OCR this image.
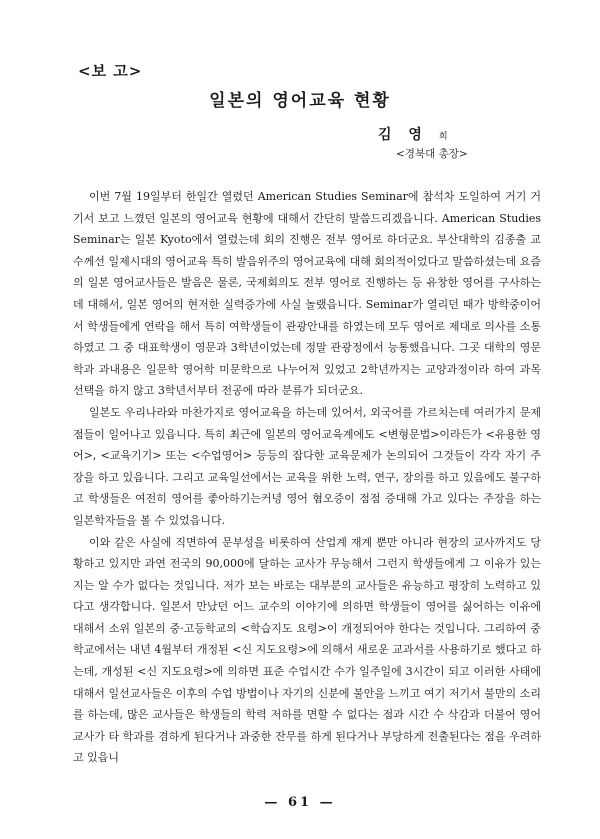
<보 고>
일본의 영어교육 현황
김 영 희
<경북대 총장>

이번 7월 19일부터 한일간 열렸던 American Studies Seminar에 참석차 도일하여 거기 거기서 보고 느꼈던 일본의 영어교육 현황에 대해서 간단히 말씀드리겠읍니다. American Studies Seminar는 일본 Kyoto에서 열렸는데 회의 진행은 전부 영어로 하더군요. 부산대학의 김종출 교수께선 일제시대의 영어교육 특히 발음위주의 영어교육에 대해 회의적이었다고 말씀하셨는데 요즘의 일본 영어교사들은 발음은 물론, 국제회의도 전부 영어로 진행하는 등 유창한 영어를 구사하는데 대해서, 일본 영어의 현저한 실력증가에 사실 놀랬읍니다. Seminar가 열리던 때가 방학중이어서 학생들에게 연락을 해서 특히 여학생들이 관광안내를 하였는데 모두 영어로 제대로 의사를 소통하였고 그 중 대표학생이 영문과 3학년이었는데 정말 관광정에서 능통했읍니다. 그곳 대학의 영문학과 과내용은 일문학 영어학 미문학으로 나누어져 있었고 2학년까지는 교양과정이라 하여 과목 선택을 하지 않고 3학년서부터 전공에 따라 분류가 되더군요.

일본도 우리나라와 마찬가지로 영어교육을 하는데 있어서, 외국어를 가르치는데 여러가지 문제점들이 일어나고 있읍니다. 특히 최근에 일본의 영어교육계에도 <변형문법>이라든가 <유용한 영어>, <교육기기> 또는 <수업영어> 등등의 잡다한 교육문제가 논의되어 그것들이 각각 자기 주장을 하고 있읍니다. 그리고 교육일선에서는 교육을 위한 노력, 연구, 장의를 하고 있음에도 불구하고 학생들은 여전히 영어를 좋아하기는커녕 영어 혐오증이 점점 증대해 가고 있다는 주장을 하는 일본학자들을 볼 수 있었읍니다.

이와 같은 사실에 직면하여 문부성을 비롯하여 산업계 재계 뿐만 아니라 현장의 교사까지도 당황하고 있지만 과연 전국의 90,000에 달하는 교사가 무능해서 그런지 학생들에게 그 이유가 있는지는 알 수가 없다는 것입니다. 저가 보는 바로는 대부분의 교사들은 유능하고 평장히 노력하고 있다고 생각합니다. 일본서 만났던 어느 교수의 이야기에 의하면 학생들이 영어를 싫어하는 이유에 대해서 소위 일본의 중·고등학교의 <학습지도 요령>이 개정되어야 한다는 것입니다. 그리하여 중학교에서는 내년 4월부터 개정된 <신 지도요령>에 의해서 새로운 교과서를 사용하기로 했다고 하는데, 개성된 <신 지도요령>에 의하면 표준 수업시간 수가 일주일에 3시간이 되고 이러한 사태에 대해서 일선교사들은 이후의 수업 방법이나 자기의 신분에 불안을 느끼고 여기 저기서 불만의 소리를 하는데, 많은 교사들은 학생들의 학력 저하를 면할 수 없다는 점과 시간 수 삭감과 더불어 영어 교사가 타 학과를 겸하게 된다거나 과중한 잔무를 하게 된다거나 부당하게 전출된다는 점을 우려하고 있읍니

— 61 —
